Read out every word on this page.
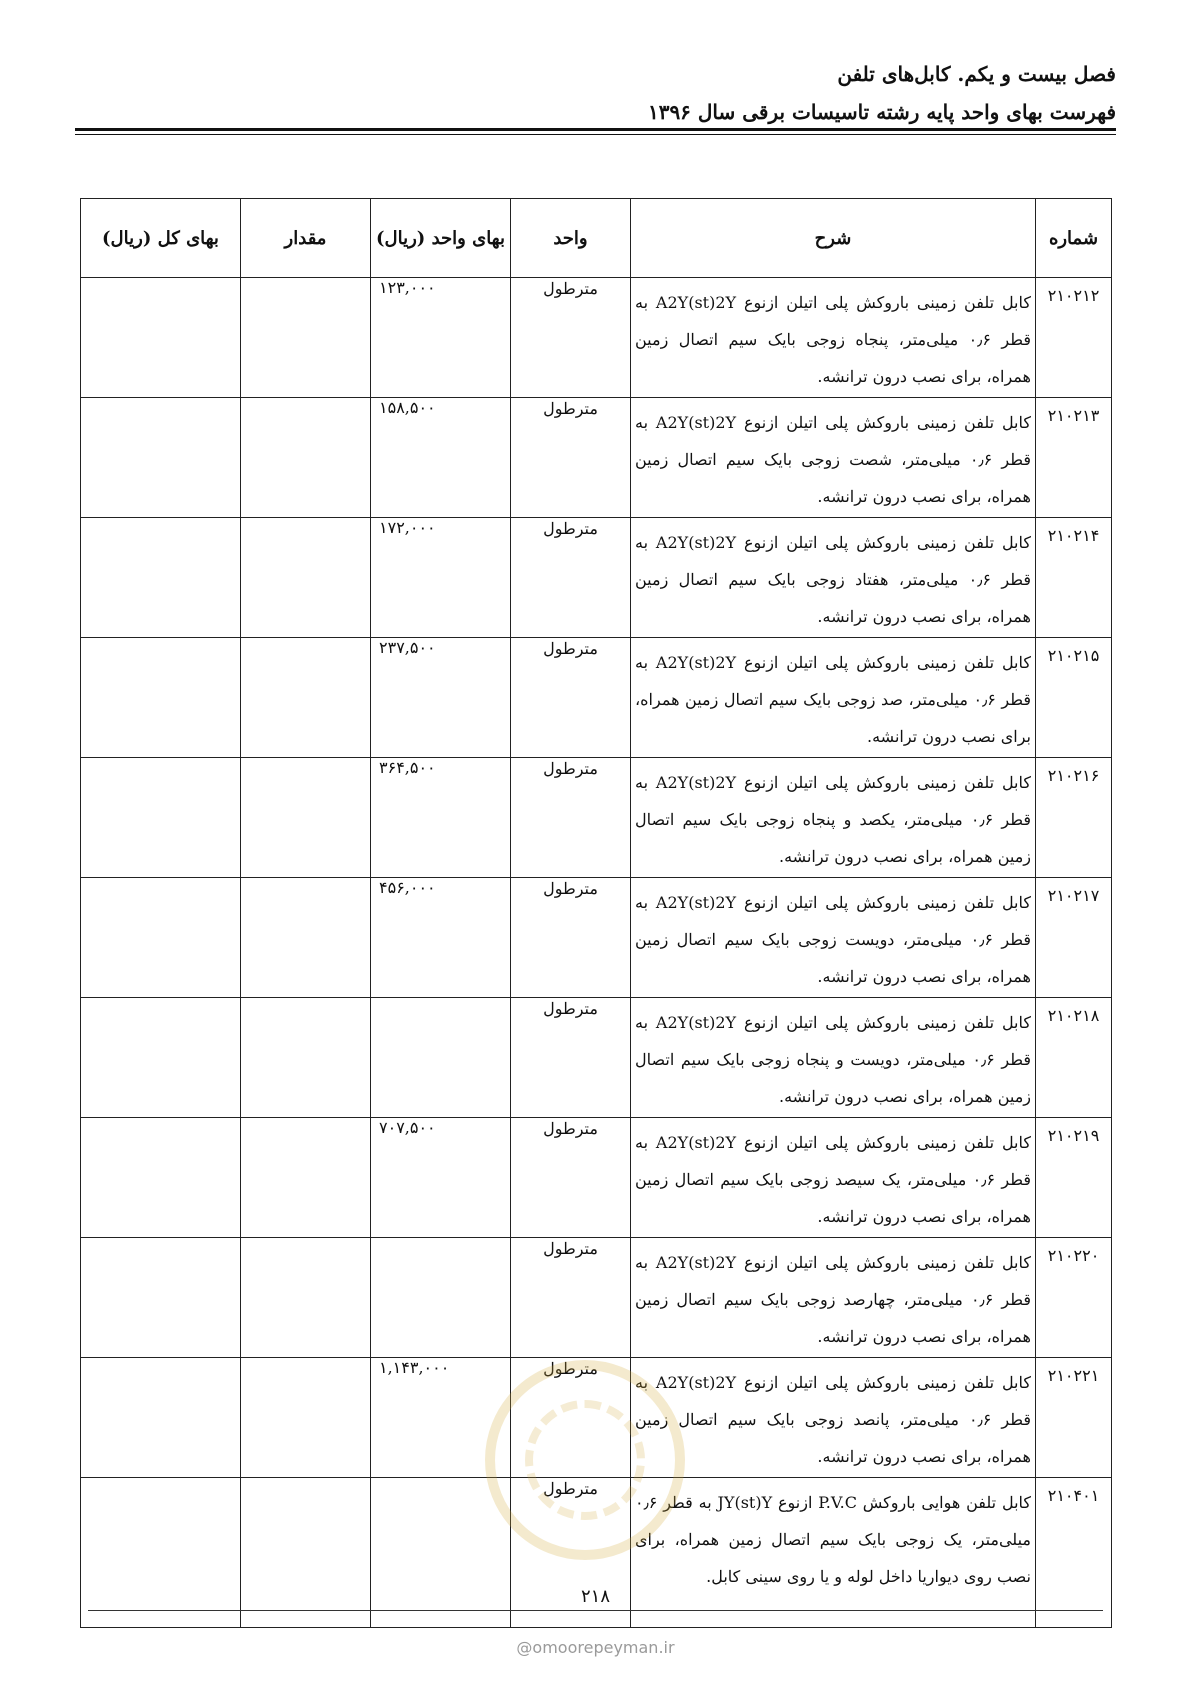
فصل بیست و یکم. کابل‌های تلفن
فهرست بهای واحد پایه رشته تاسیسات برقی سال ۱۳۹۶
شماره	شرح	واحد	بهای واحد (ریال)	مقدار	بهای کل (ریال)
۲۱۰۲۱۲	کابل تلفن زمینی باروکش پلی اتیلن ازنوع A2Y(st)2Y به قطر ۰٫۶ میلی‌متر، پنجاه زوجی بایک سیم اتصال زمین همراه، برای نصب درون ترانشه.	مترطول	۱۲۳,۰۰۰		
۲۱۰۲۱۳	کابل تلفن زمینی باروکش پلی اتیلن ازنوع A2Y(st)2Y به قطر ۰٫۶ میلی‌متر، شصت زوجی بایک سیم اتصال زمین همراه، برای نصب درون ترانشه.	مترطول	۱۵۸,۵۰۰		
۲۱۰۲۱۴	کابل تلفن زمینی باروکش پلی اتیلن ازنوع A2Y(st)2Y به قطر ۰٫۶ میلی‌متر، هفتاد زوجی بایک سیم اتصال زمین همراه، برای نصب درون ترانشه.	مترطول	۱۷۲,۰۰۰		
۲۱۰۲۱۵	کابل تلفن زمینی باروکش پلی اتیلن ازنوع A2Y(st)2Y به قطر ۰٫۶ میلی‌متر، صد زوجی بایک سیم اتصال زمین همراه، برای نصب درون ترانشه.	مترطول	۲۳۷,۵۰۰		
۲۱۰۲۱۶	کابل تلفن زمینی باروکش پلی اتیلن ازنوع A2Y(st)2Y به قطر ۰٫۶ میلی‌متر، یکصد و پنجاه زوجی بایک سیم اتصال زمین همراه، برای نصب درون ترانشه.	مترطول	۳۶۴,۵۰۰		
۲۱۰۲۱۷	کابل تلفن زمینی باروکش پلی اتیلن ازنوع A2Y(st)2Y به قطر ۰٫۶ میلی‌متر، دویست زوجی بایک سیم اتصال زمین همراه، برای نصب درون ترانشه.	مترطول	۴۵۶,۰۰۰		
۲۱۰۲۱۸	کابل تلفن زمینی باروکش پلی اتیلن ازنوع A2Y(st)2Y به قطر ۰٫۶ میلی‌متر، دویست و پنجاه زوجی بایک سیم اتصال زمین همراه، برای نصب درون ترانشه.	مترطول			
۲۱۰۲۱۹	کابل تلفن زمینی باروکش پلی اتیلن ازنوع A2Y(st)2Y به قطر ۰٫۶ میلی‌متر، یک سیصد زوجی بایک سیم اتصال زمین همراه، برای نصب درون ترانشه.	مترطول	۷۰۷,۵۰۰		
۲۱۰۲۲۰	کابل تلفن زمینی باروکش پلی اتیلن ازنوع A2Y(st)2Y به قطر ۰٫۶ میلی‌متر، چهارصد زوجی بایک سیم اتصال زمین همراه، برای نصب درون ترانشه.	مترطول			
۲۱۰۲۲۱	کابل تلفن زمینی باروکش پلی اتیلن ازنوع A2Y(st)2Y به قطر ۰٫۶ میلی‌متر، پانصد زوجی بایک سیم اتصال زمین همراه، برای نصب درون ترانشه.	مترطول	۱,۱۴۳,۰۰۰		
۲۱۰۴۰۱	کابل تلفن هوایی باروکش P.V.C ازنوع JY(st)Y به قطر ۰٫۶ میلی‌متر، یک زوجی بایک سیم اتصال زمین همراه، برای نصب روی دیواریا داخل لوله و یا روی سینی کابل.	مترطول			
۲۱۸
@omoorepeyman.ir
